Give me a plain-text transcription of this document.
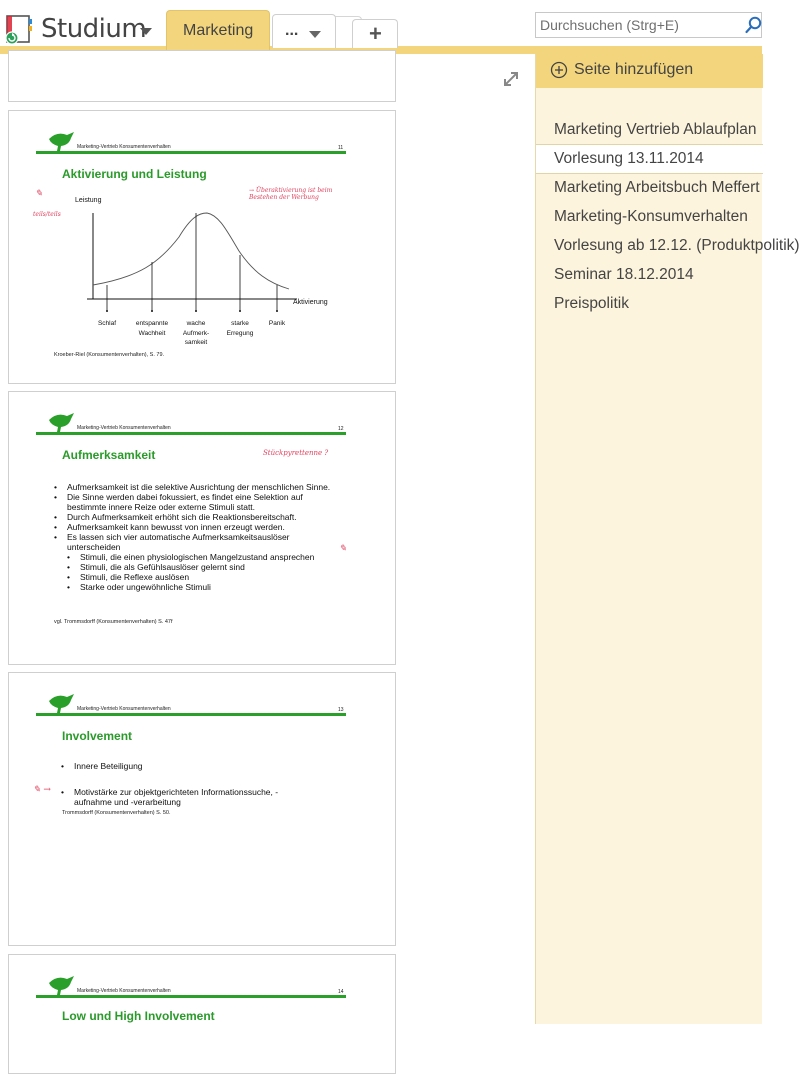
Studium Marketing ...	+
Durchsuchen (Strg+E)
Marketing-Vertrieb Konsumentenverhalten	11
Aktivierung und Leistung
✎
teils/teils
→ Überaktivierung ist beim Bestehen der Werbung
Leistung
Aktivierung
Schlaf	entspannte
Wachheit
wache
Aufmerk-
samkeit
starke
Erregung
Panik
Kroeber-Riel (Konsumentenverhalten), S. 79.
Marketing-Vertrieb Konsumentenverhalten	12
Aufmerksamkeit	Stückpyrettenne ?
✎
• Aufmerksamkeit ist die selektive Ausrichtung der menschlichen Sinne.
• Die Sinne werden dabei fokussiert, es findet eine Selektion auf bestimmte innere Reize oder externe Stimuli statt.
• Durch Aufmerksamkeit erhöht sich die Reaktionsbereitschaft.
• Aufmerksamkeit kann bewusst von innen erzeugt werden.
• Es lassen sich vier automatische Aufmerksamkeitsauslöser unterscheiden
• Stimuli, die einen physiologischen Mangelzustand ansprechen
• Stimuli, die als Gefühlsauslöser gelernt sind
• Stimuli, die Reflexe auslösen
• Starke oder ungewöhnliche Stimuli
vgl. Trommsdorff (Konsumentenverhalten) S. 47f
Marketing-Vertrieb Konsumentenverhalten	13
Involvement
✎ →
• Innere Beteiligung
• Motivstärke zur objektgerichteten Informationssuche, -aufnahme und -verarbeitung
Trommsdorff (Konsumentenverhalten) S. 50.
Marketing-Vertrieb Konsumentenverhalten	14
Low und High Involvement
Seite hinzufügen
Marketing Vertrieb Ablaufplan
Vorlesung 13.11.2014
Marketing Arbeitsbuch Meffert
Marketing-Konsumverhalten
Vorlesung ab 12.12. (Produktpolitik)
Seminar 18.12.2014
Preispolitik
